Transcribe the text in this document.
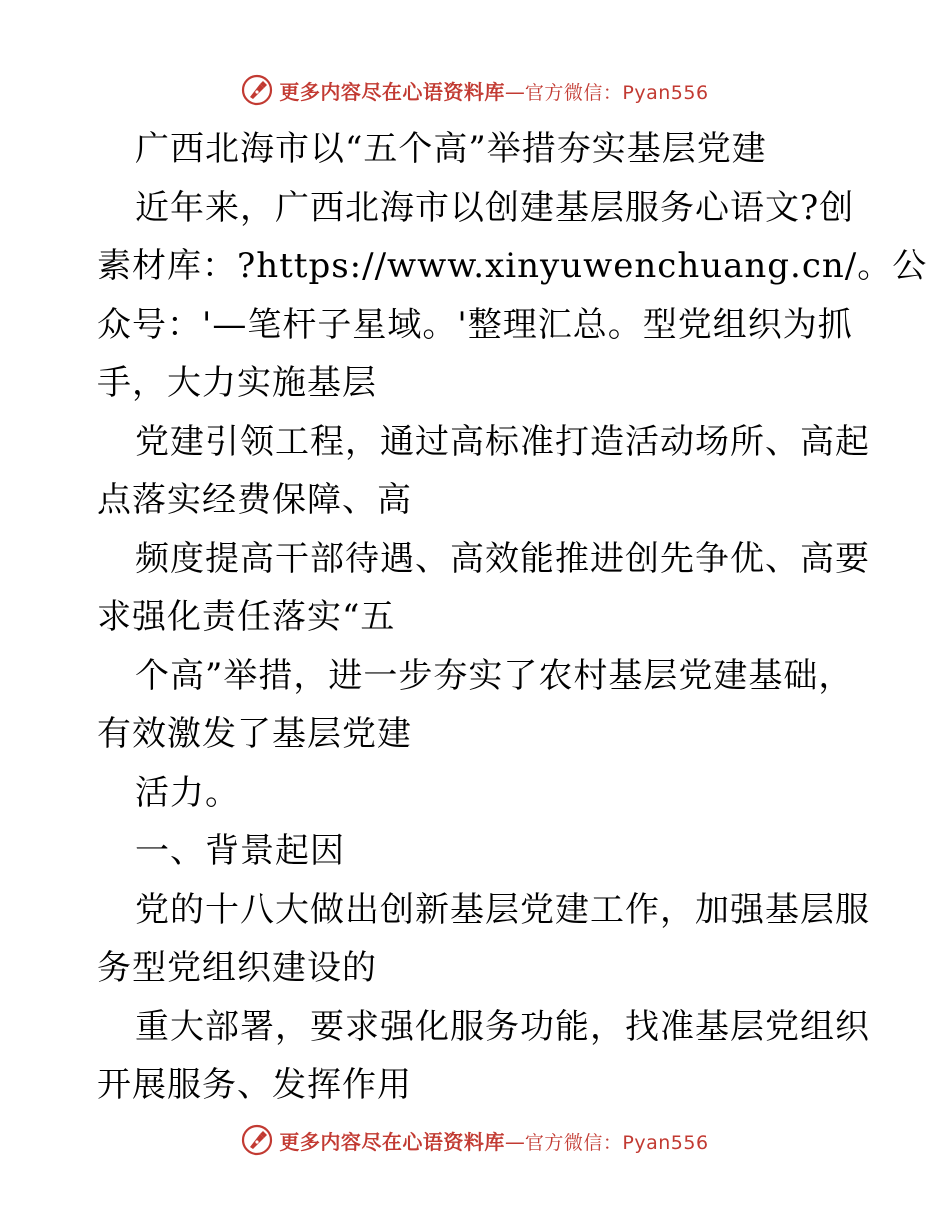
更多内容尽在心语资料库 — 官方微信：Pyan556
广西北海市以“五个高”举措夯实基层党建
近年来，广西北海市以创建基层服务心语文?创
素材库：?https://www.xinyuwenchuang.cn/。公
众号：'—笔杆子星域。'整理汇总。型党组织为抓
手，大力实施基层
党建引领工程，通过高标准打造活动场所、高起
点落实经费保障、高
频度提高干部待遇、高效能推进创先争优、高要
求强化责任落实“五
个高”举措，进一步夯实了农村基层党建基础，
有效激发了基层党建
活力。
一、背景起因
党的十八大做出创新基层党建工作，加强基层服
务型党组织建设的
重大部署，要求强化服务功能，找准基层党组织
开展服务、发挥作用
更多内容尽在心语资料库 — 官方微信：Pyan556
